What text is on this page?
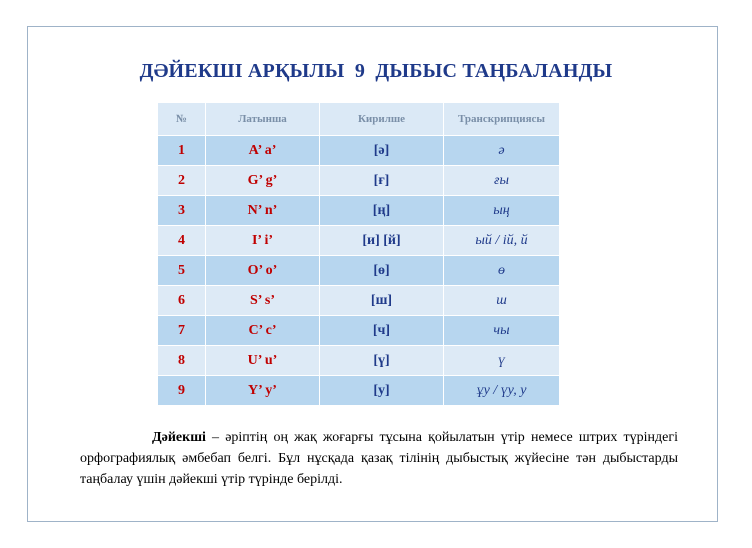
ДӘЙЕКШІ АРҚЫЛЫ  9  ДЫБЫС ТАҢБАЛАНДЫ
№	Латынша	Кирилше	Транскрипциясы
1	A’ a’	[ә]	ә
2	G’ g’	[ғ]	ғы
3	N’ n’	[ң]	ың
4	I’ i’	[и] [й]	ый / ій, й
5	O’ o’	[ө]	ө
6	S’ s’	[ш]	ш
7	C’ c’	[ч]	чы
8	U’ u’	[ү]	ү
9	Y’ y’	[у]	ұу / үу, у
Дәйекші – әріптің оң жақ жоғарғы тұсына қойылатын үтір немесе штрих түріндегі орфографиялық әмбебап белгі. Бұл нұсқада қазақ тілінің дыбыстық жүйесіне тән дыбыстарды таңбалау үшін дәйекші үтір түрінде берілді.
